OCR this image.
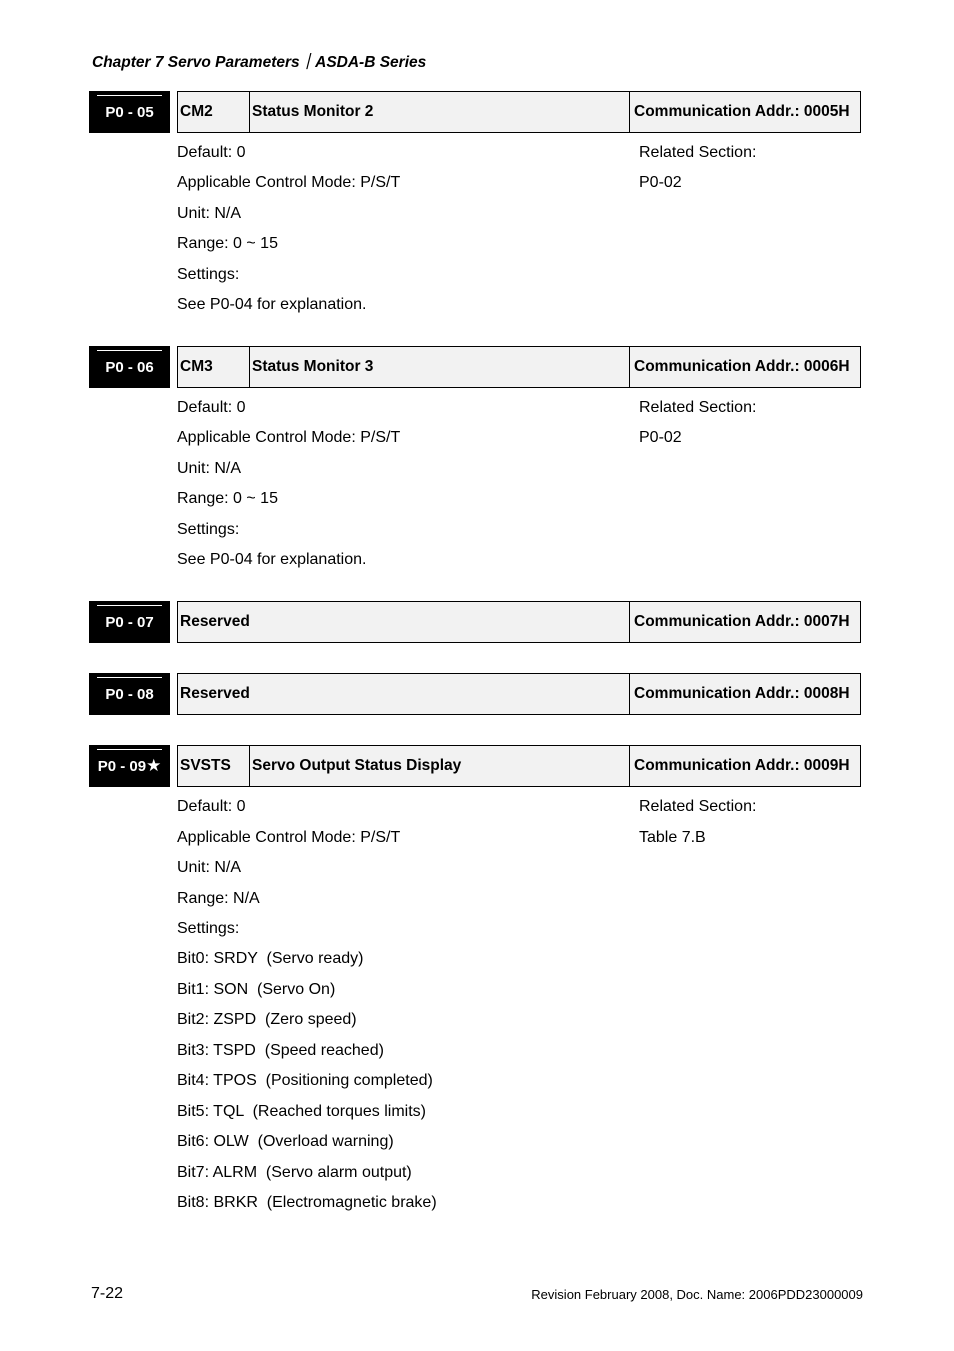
Chapter 7 Servo Parameters｜ASDA-B Series
P0 - 05 CM2	Status Monitor 2	Communication Addr.: 0005H
Default: 0
Applicable Control Mode: P/S/T
Unit: N/A
Range: 0 ~ 15
Settings:
See P0-04 for explanation.
Related Section:
P0-02
P0 - 06 CM3	Status Monitor 3	Communication Addr.: 0006H
Default: 0
Applicable Control Mode: P/S/T
Unit: N/A
Range: 0 ~ 15
Settings:
See P0-04 for explanation.
Related Section:
P0-02
P0 - 07 Reserved	Communication Addr.: 0007H
P0 - 08 Reserved	Communication Addr.: 0008H
P0 - 09 ★ SVSTS	Servo Output Status Display	Communication Addr.: 0009H
Default: 0
Applicable Control Mode: P/S/T
Unit: N/A
Range: N/A
Settings:
Bit0: SRDY  (Servo ready)
Bit1: SON  (Servo On)
Bit2: ZSPD  (Zero speed)
Bit3: TSPD  (Speed reached)
Bit4: TPOS  (Positioning completed)
Bit5: TQL  (Reached torques limits)
Bit6: OLW  (Overload warning)
Bit7: ALRM  (Servo alarm output)
Bit8: BRKR  (Electromagnetic brake)
Related Section:
Table 7.B
7-22	Revision February 2008, Doc. Name: 2006PDD23000009
